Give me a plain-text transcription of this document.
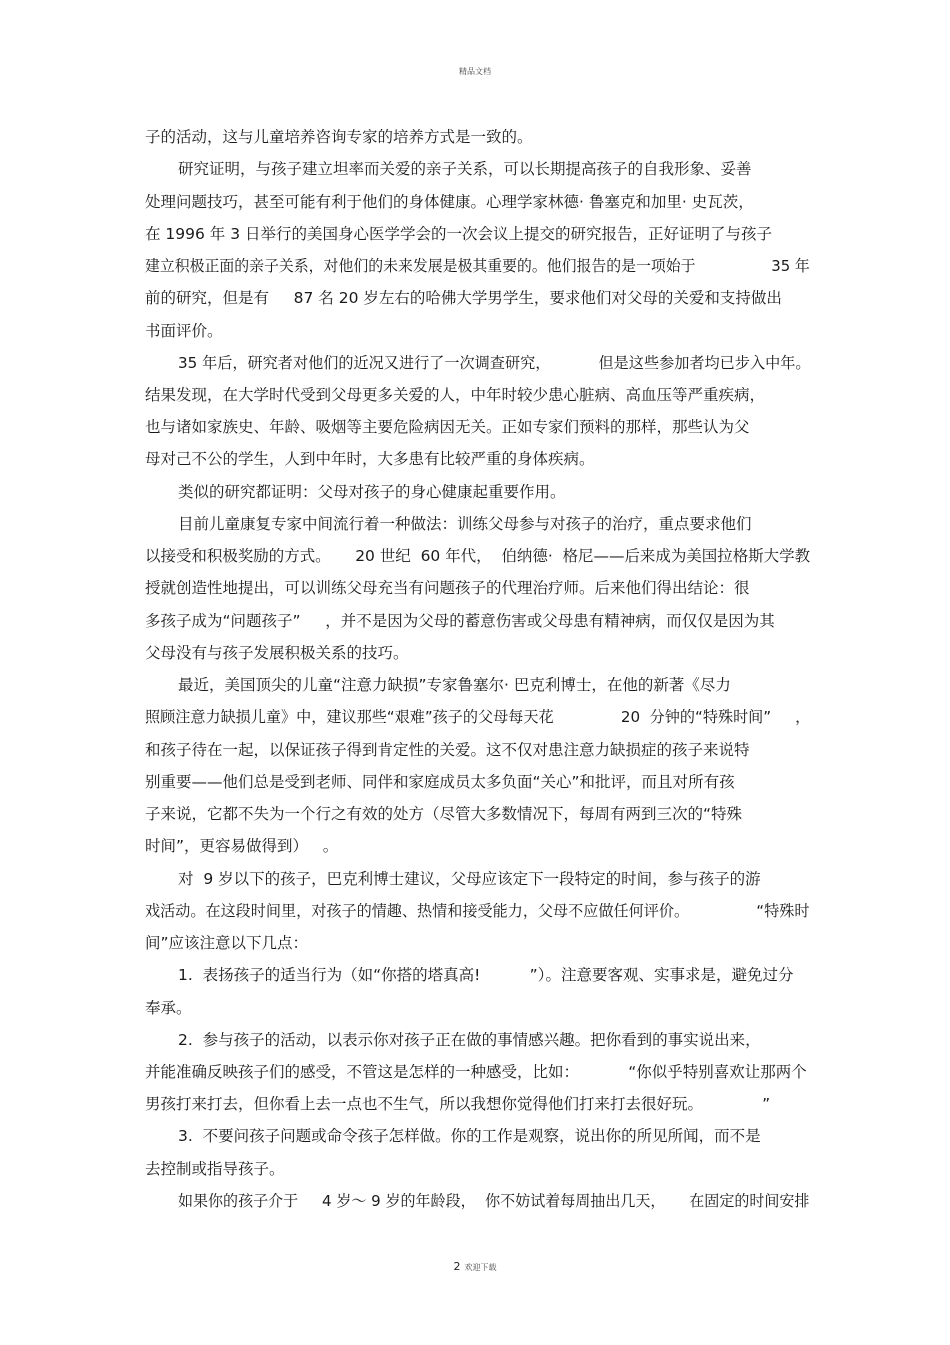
精品文档
子的活动，这与儿童培养咨询专家的培养方式是一致的。
研究证明，与孩子建立坦率而关爱的亲子关系，可以长期提高孩子的自我形象、妥善
处理问题技巧，甚至可能有利于他们的身体健康。心理学家林德· 鲁塞克和加里· 史瓦茨，
在 1996 年 3 日举行的美国身心医学学会的一次会议上提交的研究报告，正好证明了与孩子
建立积极正面的亲子关系，对他们的未来发展是极其重要的。他们报告的是一项始于                35 年
前的研究，但是有     87 名 20 岁左右的哈佛大学男学生，要求他们对父母的关爱和支持做出
书面评价。
35 年后，研究者对他们的近况又进行了一次调查研究，          但是这些参加者均已步入中年。
结果发现，在大学时代受到父母更多关爱的人，中年时较少患心脏病、高血压等严重疾病，
也与诸如家族史、年龄、吸烟等主要危险病因无关。正如专家们预料的那样，那些认为父
母对己不公的学生，人到中年时，大多患有比较严重的身体疾病。
类似的研究都证明：父母对孩子的身心健康起重要作用。
目前儿童康复专家中间流行着一种做法：训练父母参与对孩子的治疗，重点要求他们
以接受和积极奖励的方式。     20 世纪  60 年代，  伯纳德·  格尼——后来成为美国拉格斯大学教
授就创造性地提出，可以训练父母充当有问题孩子的代理治疗师。后来他们得出结论：很
多孩子成为“问题孩子”     ，并不是因为父母的蓄意伤害或父母患有精神病，而仅仅是因为其
父母没有与孩子发展积极关系的技巧。
最近，美国顶尖的儿童“注意力缺损”专家鲁塞尔· 巴克利博士，在他的新著《尽力
照顾注意力缺损儿童》中，建议那些“艰难”孩子的父母每天花              20  分钟的“特殊时间”     ，
和孩子待在一起，以保证孩子得到肯定性的关爱。这不仅对患注意力缺损症的孩子来说特
别重要——他们总是受到老师、同伴和家庭成员太多负面“关心”和批评，而且对所有孩
子来说，它都不失为一个行之有效的处方（尽管大多数情况下，每周有两到三次的“特殊
时间”，更容易做得到）   。
对  9 岁以下的孩子，巴克利博士建议，父母应该定下一段特定的时间，参与孩子的游
戏活动。在这段时间里，对孩子的情趣、热情和接受能力，父母不应做任何评价。              “特殊时
间”应该注意以下几点：
1.  表扬孩子的适当行为（如“你搭的塔真高!          ”）。注意要客观、实事求是，避免过分
奉承。
2.  参与孩子的活动，以表示你对孩子正在做的事情感兴趣。把你看到的事实说出来，
并能准确反映孩子们的感受，不管这是怎样的一种感受，比如：          “你似乎特别喜欢让那两个
男孩打来打去，但你看上去一点也不生气，所以我想你觉得他们打来打去很好玩。            ”
3.  不要问孩子问题或命令孩子怎样做。你的工作是观察，说出你的所见所闻，而不是
去控制或指导孩子。
如果你的孩子介于     4 岁～ 9 岁的年龄段，  你不妨试着每周抽出几天，     在固定的时间安排
2 欢迎下载
